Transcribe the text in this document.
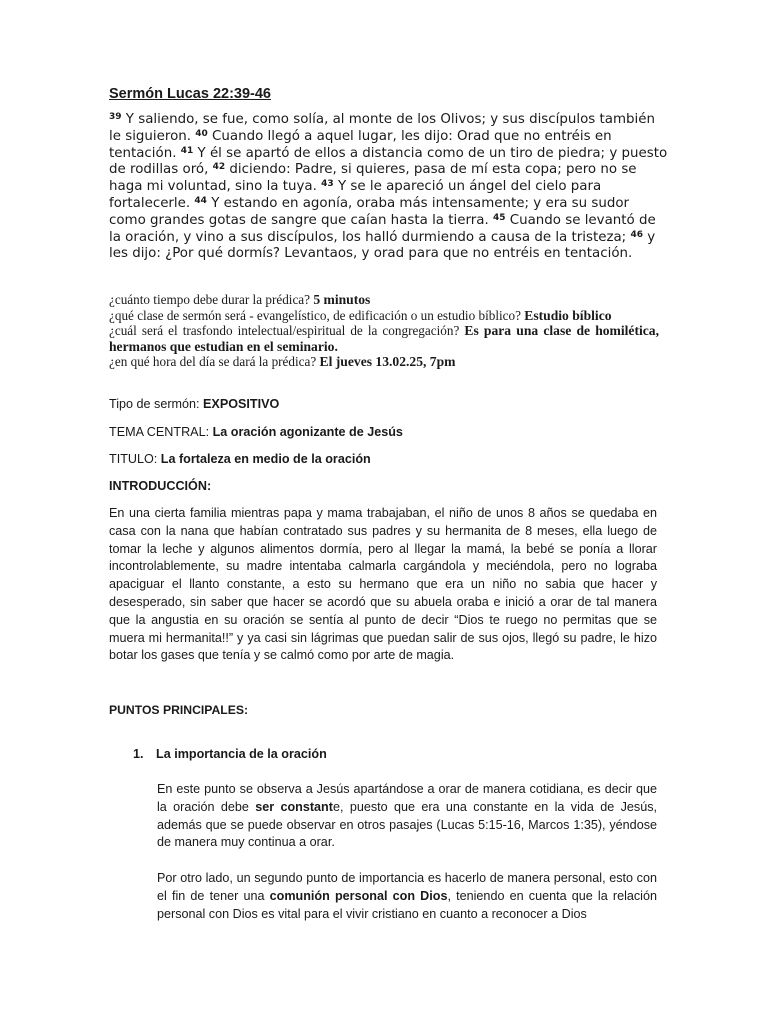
Sermón Lucas 22:39-46

$^{39}$ Y saliendo, se fue, como solía, al monte de los Olivos; y sus discípulos también le siguieron. $^{40}$ Cuando llegó a aquel lugar, les dijo: Orad que no entréis en tentación. $^{41}$ Y él se apartó de ellos a distancia como de un tiro de piedra; y puesto de rodillas oró, $^{42}$ diciendo: Padre, si quieres, pasa de mí esta copa; pero no se haga mi voluntad, sino la tuya. $^{43}$ Y se le apareció un ángel del cielo para fortalecerle. $^{44}$ Y estando en agonía, oraba más intensamente; y era su sudor como grandes gotas de sangre que caían hasta la tierra. $^{45}$ Cuando se levantó de la oración, y vino a sus discípulos, los halló durmiendo a causa de la tristeza; $^{46}$ y les dijo: ¿Por qué dormís? Levantaos, y orad para que no entréis en tentación.

¿cuánto tiempo debe durar la prédica? 5 minutos

¿qué clase de sermón será - evangelístico, de edificación o un estudio bíblico? Estudio bíblico

¿cuál será el trasfondo intelectual/espiritual de la congregación? Es para una clase de homilética, hermanos que estudian en el seminario.

¿en qué hora del día se dará la prédica? El jueves 13.02.25, 7pm

Tipo de sermón: EXPOSITIVO

TEMA CENTRAL: La oración agonizante de Jesús

TITULO: La fortaleza en medio de la oración

INTRODUCCIÓN:

En una cierta familia mientras papa y mama trabajaban, el niño de unos 8 años se quedaba en casa con la nana que habían contratado sus padres y su hermanita de 8 meses, ella luego de tomar la leche y algunos alimentos dormía, pero al llegar la mamá, la bebé se ponía a llorar incontrolablemente, su madre intentaba calmarla cargándola y meciéndola, pero no lograba apaciguar el llanto constante, a esto su hermano que era un niño no sabia que hacer y desesperado, sin saber que hacer se acordó que su abuela oraba e inició a orar de tal manera que la angustia en su oración se sentía al punto de decir “Dios te ruego no permitas que se muera mi hermanita!!” y ya casi sin lágrimas que puedan salir de sus ojos, llegó su padre, le hizo botar los gases que tenía y se calmó como por arte de magia.

PUNTOS PRINCIPALES:

1. La importancia de la oración

En este punto se observa a Jesús apartándose a orar de manera cotidiana, es decir que la oración debe ser constante, puesto que era una constante en la vida de Jesús, además que se puede observar en otros pasajes (Lucas 5:15-16, Marcos 1:35), yéndose de manera muy continua a orar.

Por otro lado, un segundo punto de importancia es hacerlo de manera personal, esto con el fin de tener una comunión personal con Dios, teniendo en cuenta que la relación personal con Dios es vital para el vivir cristiano en cuanto a reconocer a Dios
